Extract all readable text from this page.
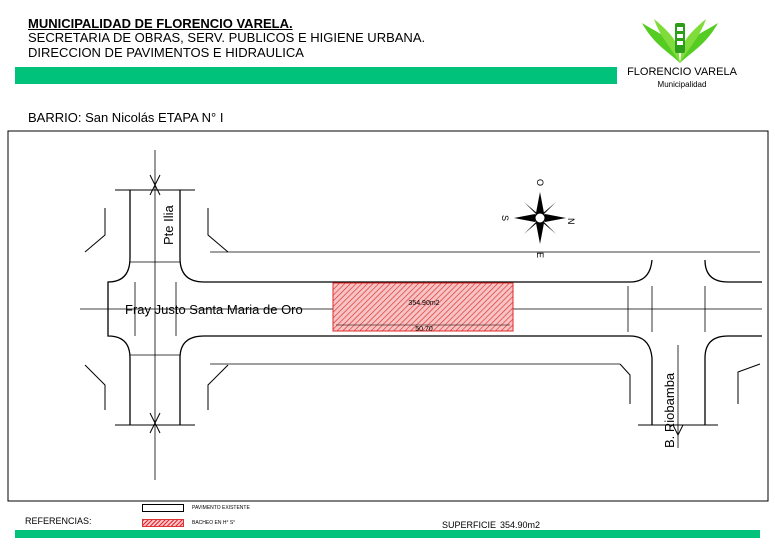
MUNICIPALIDAD DE FLORENCIO VARELA.
SECRETARIA DE OBRAS, SERV. PUBLICOS E HIGIENE URBANA.
DIRECCION DE PAVIMENTOS E HIDRAULICA
FLORENCIO VARELA
Municipalidad
BARRIO: San Nicolás ETAPA N° I
354.90m2
50.70
Fray Justo Santa Maria de Oro
Pte Ilia
B. Riobamba
N
S
E
O
REFERENCIAS:
PAVIMENTO EXISTENTE
BACHEO EN H° S°	SUPERFICIE 354.90m2
